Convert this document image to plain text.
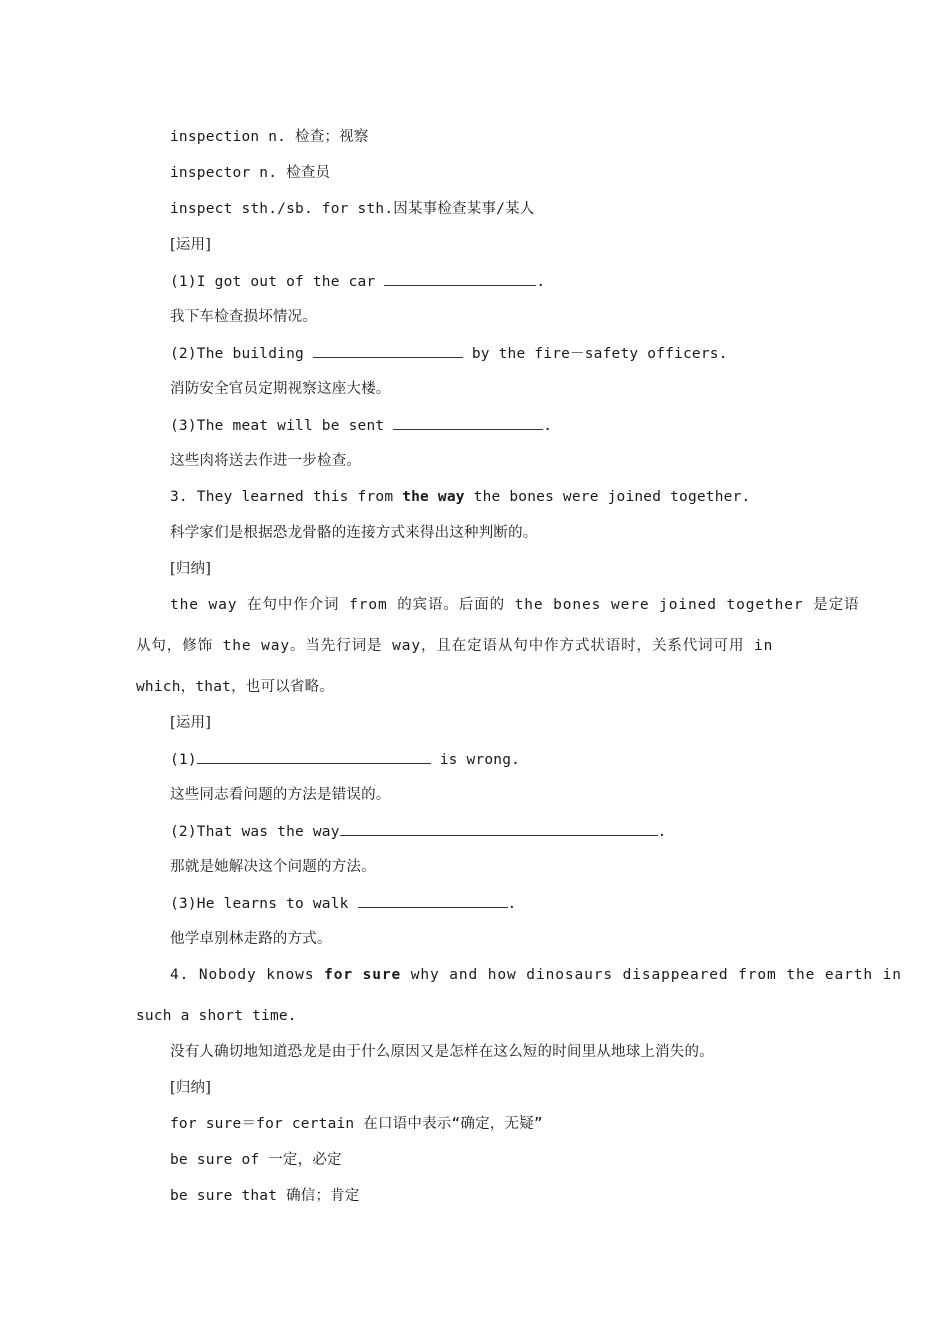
inspection n. 检查；视察
inspector n. 检查员
inspect sth./sb. for sth.因某事检查某事/某人
[运用]
(1)I got out of the car	.
我下车检查损坏情况。
(2)The building	by the fire－safety officers.
消防安全官员定期视察这座大楼。
(3)The meat will be sent	.
这些肉将送去作进一步检查。
3. They learned this from the way the bones were joined together.
科学家们是根据恐龙骨骼的连接方式来得出这种判断的。
[归纳]
the way 在句中作介词 from 的宾语。后面的 the bones were joined together 是定语
从句，修饰 the way。当先行词是 way，且在定语从句中作方式状语时，关系代词可用 in
which，that，也可以省略。
[运用]
(1)	is wrong.
这些同志看问题的方法是错误的。
(2)That was the way	.
那就是她解决这个问题的方法。
(3)He learns to walk	.
他学卓别林走路的方式。
4. Nobody knows for sure why and how dinosaurs disappeared from the earth in
such a short time.
没有人确切地知道恐龙是由于什么原因又是怎样在这么短的时间里从地球上消失的。
[归纳]
for sure＝for certain 在口语中表示“确定，无疑”
be sure of 一定，必定
be sure that 确信；肯定
